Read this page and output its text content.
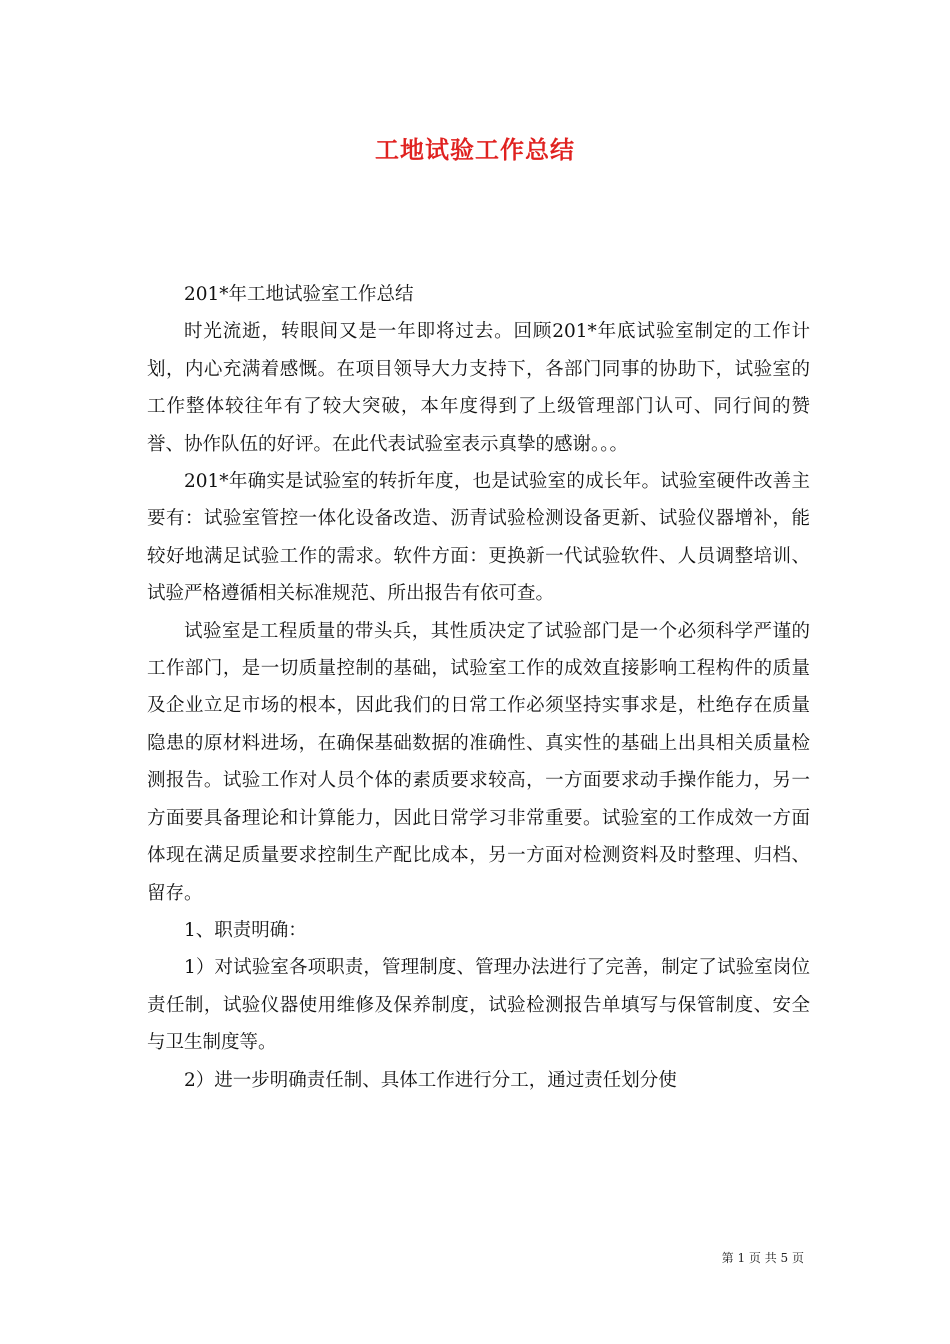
工地试验工作总结

201*年工地试验室工作总结

时光流逝，转眼间又是一年即将过去。回顾201*年底试验室制定的工作计划，内心充满着感慨。在项目领导大力支持下，各部门同事的协助下，试验室的工作整体较往年有了较大突破，本年度得到了上级管理部门认可、同行间的赞誉、协作队伍的好评。在此代表试验室表示真挚的感谢。。。

201*年确实是试验室的转折年度，也是试验室的成长年。试验室硬件改善主要有：试验室管控一体化设备改造、沥青试验检测设备更新、试验仪器增补，能较好地满足试验工作的需求。软件方面：更换新一代试验软件、人员调整培训、试验严格遵循相关标准规范、所出报告有依可查。

试验室是工程质量的带头兵，其性质决定了试验部门是一个必须科学严谨的工作部门，是一切质量控制的基础，试验室工作的成效直接影响工程构件的质量及企业立足市场的根本，因此我们的日常工作必须坚持实事求是，杜绝存在质量隐患的原材料进场，在确保基础数据的准确性、真实性的基础上出具相关质量检测报告。试验工作对人员个体的素质要求较高，一方面要求动手操作能力，另一方面要具备理论和计算能力，因此日常学习非常重要。试验室的工作成效一方面体现在满足质量要求控制生产配比成本，另一方面对检测资料及时整理、归档、留存。

1、职责明确：

1）对试验室各项职责，管理制度、管理办法进行了完善，制定了试验室岗位责任制，试验仪器使用维修及保养制度，试验检测报告单填写与保管制度、安全与卫生制度等。

2）进一步明确责任制、具体工作进行分工，通过责任划分使

第 1 页 共 5 页
